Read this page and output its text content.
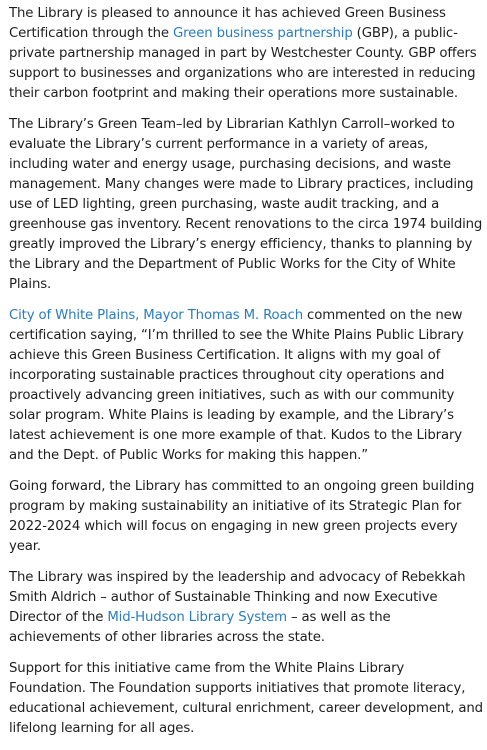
The Library is pleased to announce it has achieved Green Business Certification through the Green business partnership (GBP), a public-private partnership managed in part by Westchester County. GBP offers support to businesses and organizations who are interested in reducing their carbon footprint and making their operations more sustainable.

The Library’s Green Team–led by Librarian Kathlyn Carroll–worked to evaluate the Library’s current performance in a variety of areas, including water and energy usage, purchasing decisions, and waste management. Many changes were made to Library practices, including use of LED lighting, green purchasing, waste audit tracking, and a greenhouse gas inventory. Recent renovations to the circa 1974 building greatly improved the Library’s energy efficiency, thanks to planning by the Library and the Department of Public Works for the City of White Plains.

City of White Plains, Mayor Thomas M. Roach commented on the new certification saying, “I’m thrilled to see the White Plains Public Library achieve this Green Business Certification. It aligns with my goal of incorporating sustainable practices throughout city operations and proactively advancing green initiatives, such as with our community solar program. White Plains is leading by example, and the Library’s latest achievement is one more example of that. Kudos to the Library and the Dept. of Public Works for making this happen.”

Going forward, the Library has committed to an ongoing green building program by making sustainability an initiative of its Strategic Plan for 2022-2024 which will focus on engaging in new green projects every year.

The Library was inspired by the leadership and advocacy of Rebekkah Smith Aldrich – author of Sustainable Thinking and now Executive Director of the Mid-Hudson Library System – as well as the achievements of other libraries across the state.

Support for this initiative came from the White Plains Library Foundation. The Foundation supports initiatives that promote literacy, educational achievement, cultural enrichment, career development, and lifelong learning for all ages.
